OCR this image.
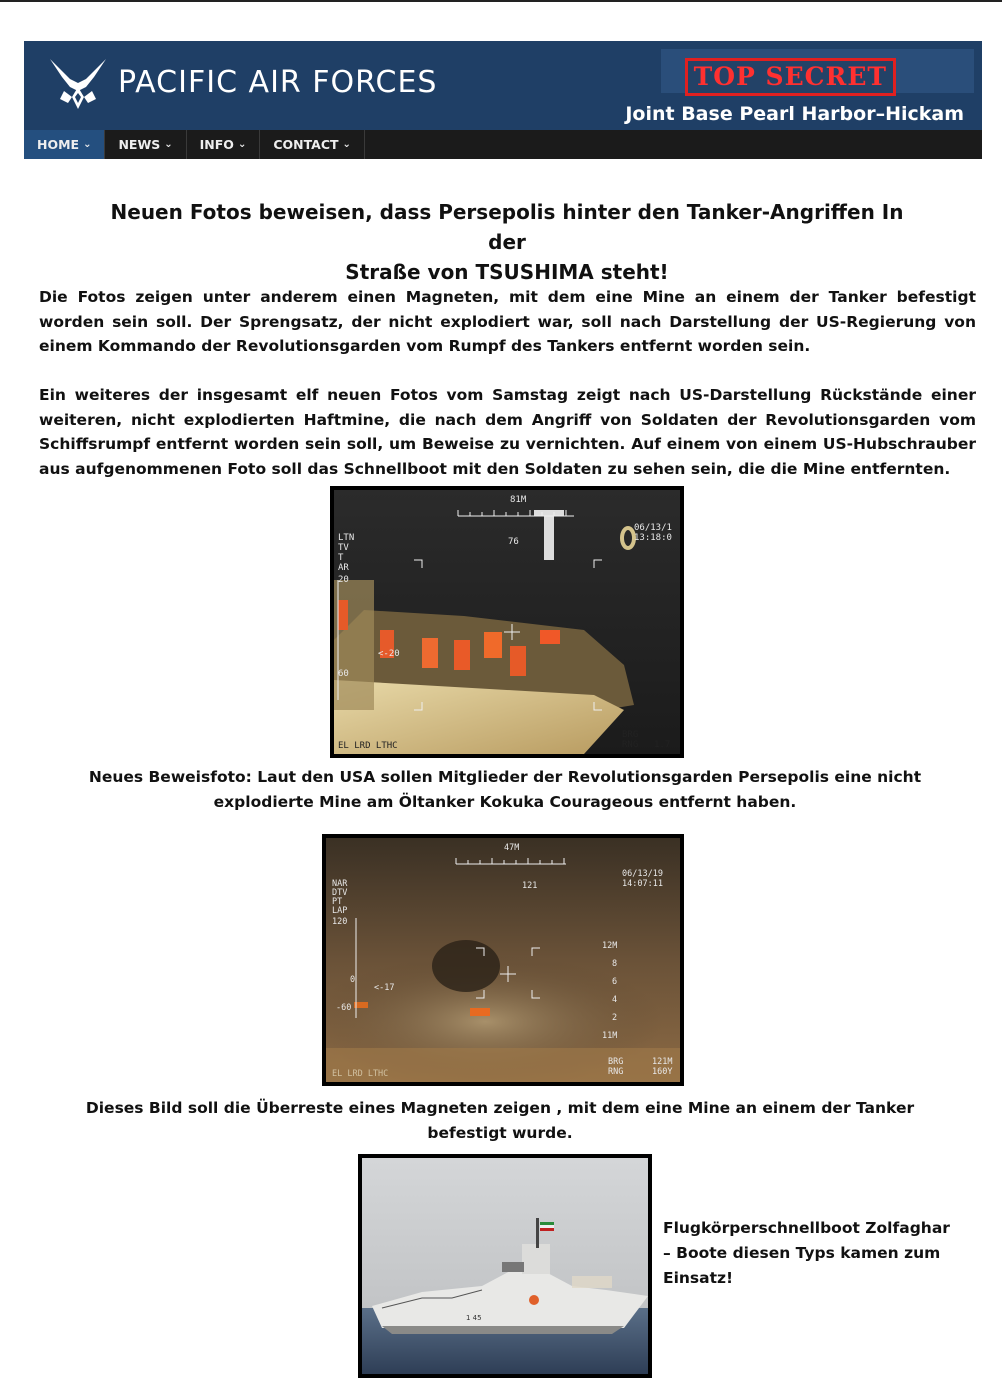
PACIFIC AIR FORCES	TOP SECRET
Joint Base Pearl Harbor–Hickam
HOME ⌄ NEWS ⌄ INFO ⌄ CONTACT ⌄
Neuen Fotos beweisen, dass Persepolis hinter den Tanker-Angriffen In der
Straße von TSUSHIMA steht!
Die Fotos zeigen unter anderem einen Magneten, mit dem eine Mine an einem der Tanker befestigt worden sein soll. Der Sprengsatz, der nicht explodiert war, soll nach Darstellung der US-Regierung von einem Kommando der Revolutionsgarden vom Rumpf des Tankers entfernt worden sein.
Ein weiteres der insgesamt elf neuen Fotos vom Samstag zeigt nach US-Darstellung Rückstände einer weiteren, nicht explodierten Haftmine, die nach dem Angriff von Soldaten der Revolutionsgarden vom Schiffsrumpf entfernt worden sein soll, um Beweise zu vernichten. Auf einem von einem US-Hubschrauber aus aufgenommenen Foto soll das Schnellboot mit den Soldaten zu sehen sein, die die Mine entfernten.
81M
76
06/13/1
13:18:0
LTN
TV
T
AR
20
60
<-20
EL LRD LTHC
BRG
RNG 1.7
Neues Beweisfoto: Laut den USA sollen Mitglieder der Revolutionsgarden Persepolis eine nicht explodierte Mine am Öltanker Kokuka Courageous entfernt haben.
47M
121
06/13/19
14:07:11
NAR
DTV
PT
LAP
120
0
-60
<-17
12M
8
6
4
2
11M
EL LRD LTHC
BRG
RNG
121M
160Y
Dieses Bild soll die Überreste eines Magneten zeigen , mit dem eine Mine an einem der Tanker befestigt wurde.
1 45
Flugkörperschnellboot Zolfaghar – Boote diesen Typs kamen zum Einsatz!
